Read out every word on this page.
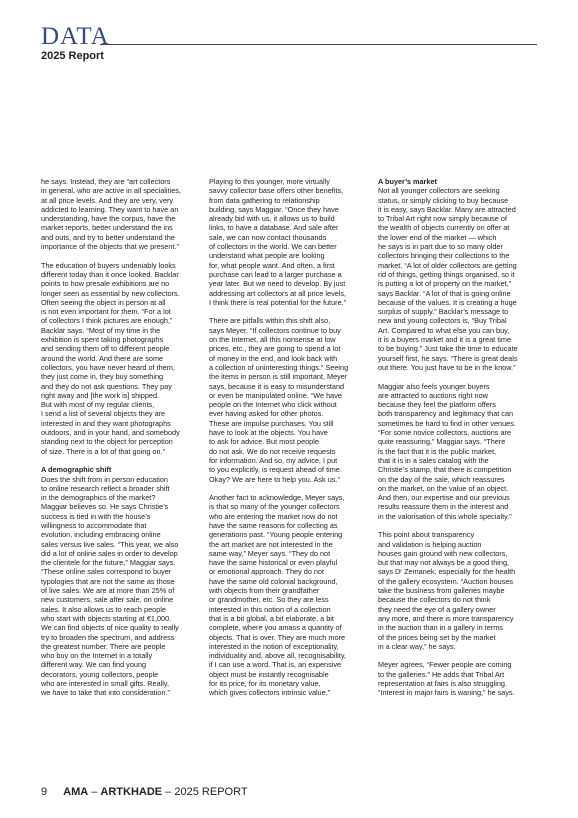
DATA
2025 Report

he says. Instead, they are “art collectors
in general, who are active in all specialities,
at all price levels. And they are very, very
addicted to learning. They want to have an
understanding, have the corpus, have the
market reports, better understand the ins
and outs, and try to better understand the
importance of the objects that we present.”

The education of buyers undeniably looks
different today than it once looked. Backlar
points to how presale exhibitions are no
longer seen as essential by new collectors.
Often seeing the object in person at all
is not even important for them. “For a lot
of collectors I think pictures are enough,”
Backlar says. “Most of my time in the
exhibition is spent taking photographs
and sending them off to different people
around the world. And there are some
collectors, you have never heard of them,
they just come in, they buy something
and they do not ask questions. They pay
right away and [the work is] shipped.
But with most of my regular clients,
I send a list of several objects they are
interested in and they want photographs
outdoors, and in your hand, and somebody
standing next to the object for perception
of size. There is a lot of that going on.”

A demographic shift

Does the shift from in person education
to online research reflect a broader shift
in the demographics of the market?
Maggiar believes so. He says Christie’s
success is tied in with the house’s
willingness to accommodate that
evolution, including embracing online
sales versus live sales. “This year, we also
did a lot of online sales in order to develop
the clientele for the future,” Maggiar says.
“These online sales correspond to buyer
typologies that are not the same as those
of live sales. We are at more than 25% of
new customers, sale after sale, on online
sales. It also allows us to reach people
who start with objects starting at €1,000.
We can find objects of nice quality to really
try to broaden the spectrum, and address
the greatest number. There are people
who buy on the Internet in a totally
different way. We can find young
decorators, young collectors, people
who are interested in small gifts. Really,
we have to take that into consideration.”

Playing to this younger, more virtually
savvy collector base offers other benefits,
from data gathering to relationship
building, says Maggiar. “Once they have
already bid with us, it allows us to build
links, to have a database. And sale after
sale, we can now contact thousands
of collectors in the world. We can better
understand what people are looking
for, what people want. And often, a first
purchase can lead to a larger purchase a
year later. But we need to develop. By just
addressing art collectors at all price levels,
I think there is real potential for the future.”

There are pitfalls within this shift also,
says Meyer. “If collectors continue to buy
on the Internet, all this nonsense at low
prices, etc., they are going to spend a lot
of money in the end, and look back with
a collection of uninteresting things.” Seeing
the items in person is still important, Meyer
says, because it is easy to misunderstand
or even be manipulated online. “We have
people on the Internet who click without
ever having asked for other photos.
These are impulse purchases. You still
have to look at the objects. You have
to ask for advice. But most people
do not ask. We do not receive requests
for information. And so, my advice, I put
to you explicitly, is request ahead of time.
Okay? We are here to help you. Ask us.”

Another fact to acknowledge, Meyer says,
is that so many of the younger collectors
who are entering the market now do not
have the same reasons for collecting as
generations past. “Young people entering
the art market are not interested in the
same way,” Meyer says. “They do not
have the same historical or even playful
or emotional approach. They do not
have the same old colonial background,
with objects from their grandfather
or grandmother, etc. So they are less
interested in this notion of a collection
that is a bit global, a bit elaborate, a bit
complete, where you amass a quantity of
objects. That is over. They are much more
interested in the notion of exceptionality,
individuality and, above all, recognisability,
if I can use a word. That is, an expensive
object must be instantly recognisable
for its price, for its monetary value,
which gives collectors intrinsic value.”

A buyer’s market

Not all younger collectors are seeking
status, or simply clicking to buy because
it is easy, says Backlar. Many are attracted
to Tribal Art right now simply because of
the wealth of objects currently on offer at
the lower end of the market — which
he says is in part due to so many older
collectors bringing their collections to the
market. “A lot of older collectors are getting
rid of things, getting things organised, so it
is putting a lot of property on the market,”
says Backlar. “A lot of that is going online
because of the values. It is creating a huge
surplus of supply.” Backlar’s message to
new and young collectors is, “Buy Tribal
Art. Compared to what else you can buy,
it is a buyers market and it is a great time
to be buying.” Just take the time to educate
yourself first, he says. “There is great deals
out there. You just have to be in the know.”

Maggiar also feels younger buyers
are attracted to auctions right now
because they feel the platform offers
both transparency and legitimacy that can
sometimes be hard to find in other venues.
“For some novice collectors, auctions are
quite reassuring,” Maggiar says. “There
is the fact that it is the public market,
that it is in a sales catalog with the
Christie’s stamp, that there is competition
on the day of the sale, which reassures
on the market, on the value of an object.
And then, our expertise and our previous
results reassure them in the interest and
in the valorisation of this whole specialty.”

This point about transparency
and validation is helping auction
houses gain ground with new collectors,
but that may not always be a good thing,
says Dʳ Zemanek, especially for the health
of the gallery ecosystem. “Auction houses
take the business from galleries maybe
because the collectors do not think
they need the eye of a gallery owner
any more, and there is more transparency
in the auction than in a gallery in terms
of the prices being set by the market
in a clear way,” he says.

Meyer agrees, “Fewer people are coming
to the galleries.” He adds that Tribal Art
representation at fairs is also struggling.
“Interest in major fairs is waning,” he says.

9 AMA – ARTKHADE – 2025 REPORT
